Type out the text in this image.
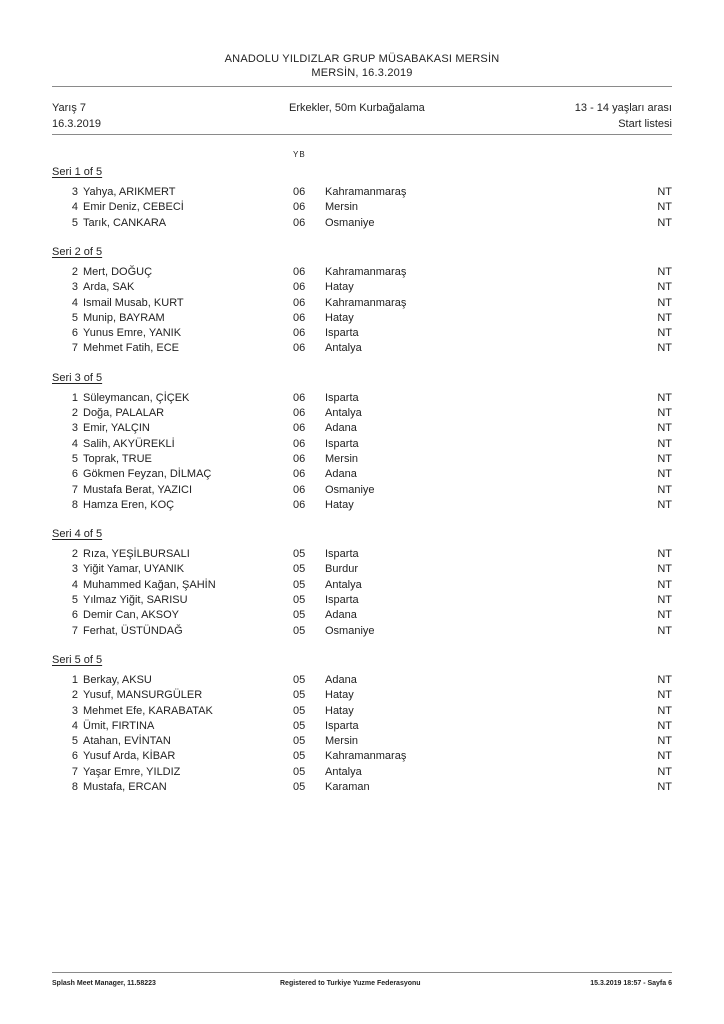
ANADOLU YILDIZLAR GRUP MÜSABAKASI MERSİN
MERSİN, 16.3.2019
Yarış 7
16.3.2019
Erkekler, 50m Kurbağalama	13 - 14 yaşları arası
Start listesi
YB
Seri 1 of 5
3 Yahya, ARIKMERT	06 Kahramanmaraş	NT
4 Emir Deniz, CEBECİ	06 Mersin	NT
5 Tarık, CANKARA	06 Osmaniye	NT
Seri 2 of 5
2 Mert, DOĞUÇ	06 Kahramanmaraş	NT
3 Arda, SAK	06 Hatay	NT
4 Ismail Musab, KURT	06 Kahramanmaraş	NT
5 Munip, BAYRAM	06 Hatay	NT
6 Yunus Emre, YANIK	06 Isparta	NT
7 Mehmet Fatih, ECE	06 Antalya	NT
Seri 3 of 5
1 Süleymancan, ÇİÇEK	06 Isparta	NT
2 Doğa, PALALAR	06 Antalya	NT
3 Emir, YALÇIN	06 Adana	NT
4 Salih, AKYÜREKLİ	06 Isparta	NT
5 Toprak, TRUE	06 Mersin	NT
6 Gökmen Feyzan, DİLMAÇ	06 Adana	NT
7 Mustafa Berat, YAZICI	06 Osmaniye	NT
8 Hamza Eren, KOÇ	06 Hatay	NT
Seri 4 of 5
2 Rıza, YEŞİLBURSALI	05 Isparta	NT
3 Yiğit Yamar, UYANIK	05 Burdur	NT
4 Muhammed Kağan, ŞAHİN	05 Antalya	NT
5 Yılmaz Yiğit, SARISU	05 Isparta	NT
6 Demir Can, AKSOY	05 Adana	NT
7 Ferhat, ÜSTÜNDAĞ	05 Osmaniye	NT
Seri 5 of 5
1 Berkay, AKSU	05 Adana	NT
2 Yusuf, MANSURGÜLER	05 Hatay	NT
3 Mehmet Efe, KARABATAK	05 Hatay	NT
4 Ümit, FIRTINA	05 Isparta	NT
5 Atahan, EVİNTAN	05 Mersin	NT
6 Yusuf Arda, KİBAR	05 Kahramanmaraş	NT
7 Yaşar Emre, YILDIZ	05 Antalya	NT
8 Mustafa, ERCAN	05 Karaman	NT
Splash Meet Manager, 11.58223	Registered to Turkiye Yuzme Federasyonu	15.3.2019 18:57 - Sayfa 6
